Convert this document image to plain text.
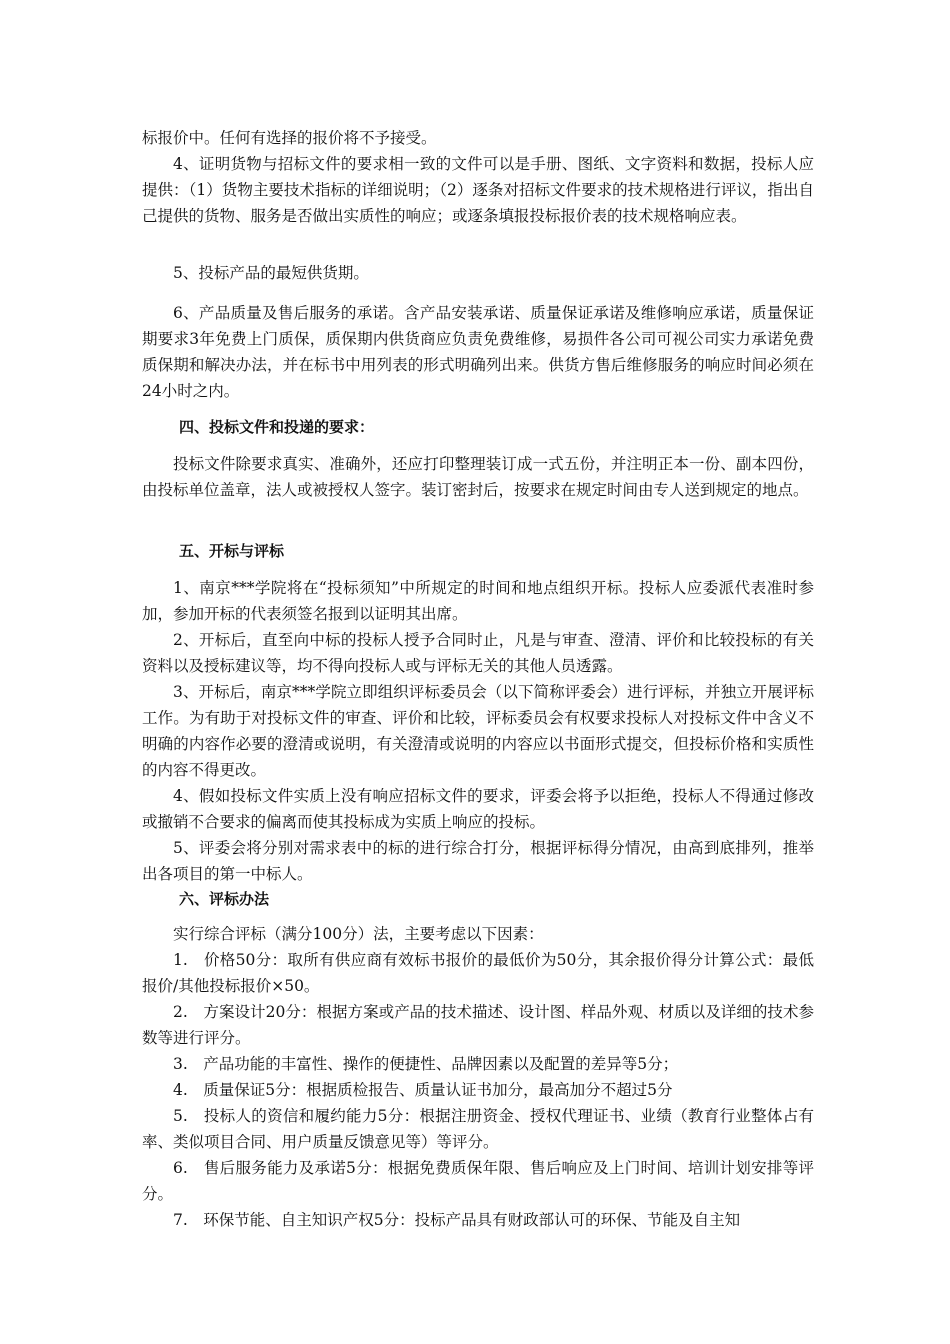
标报价中。任何有选择的报价将不予接受。

4、证明货物与招标文件的要求相一致的文件可以是手册、图纸、文字资料和数据，投标人应提供：（1）货物主要技术指标的详细说明；（2）逐条对招标文件要求的技术规格进行评议，指出自己提供的货物、服务是否做出实质性的响应；或逐条填报投标报价表的技术规格响应表。

5、投标产品的最短供货期。

6、产品质量及售后服务的承诺。含产品安装承诺、质量保证承诺及维修响应承诺，质量保证期要求3年免费上门质保，质保期内供货商应负责免费维修，易损件各公司可视公司实力承诺免费质保期和解决办法，并在标书中用列表的形式明确列出来。供货方售后维修服务的响应时间必须在24小时之内。

四、投标文件和投递的要求：

投标文件除要求真实、准确外，还应打印整理装订成一式五份，并注明正本一份、副本四份，由投标单位盖章，法人或被授权人签字。装订密封后，按要求在规定时间由专人送到规定的地点。

五、开标与评标

1、南京***学院将在“投标须知”中所规定的时间和地点组织开标。投标人应委派代表准时参加，参加开标的代表须签名报到以证明其出席。

2、开标后，直至向中标的投标人授予合同时止，凡是与审查、澄清、评价和比较投标的有关资料以及授标建议等，均不得向投标人或与评标无关的其他人员透露。

3、开标后，南京***学院立即组织评标委员会（以下简称评委会）进行评标，并独立开展评标工作。为有助于对投标文件的审查、评价和比较，评标委员会有权要求投标人对投标文件中含义不明确的内容作必要的澄清或说明，有关澄清或说明的内容应以书面形式提交，但投标价格和实质性的内容不得更改。

4、假如投标文件实质上没有响应招标文件的要求，评委会将予以拒绝，投标人不得通过修改或撤销不合要求的偏离而使其投标成为实质上响应的投标。

5、评委会将分别对需求表中的标的进行综合打分，根据评标得分情况，由高到底排列，推举出各项目的第一中标人。

六、评标办法

实行综合评标（满分100分）法，主要考虑以下因素：

1.　价格50分：取所有供应商有效标书报价的最低价为50分，其余报价得分计算公式：最低报价/其他投标报价×50。

2.　方案设计20分：根据方案或产品的技术描述、设计图、样品外观、材质以及详细的技术参数等进行评分。

3.　产品功能的丰富性、操作的便捷性、品牌因素以及配置的差异等5分；

4.　质量保证5分：根据质检报告、质量认证书加分，最高加分不超过5分

5.　投标人的资信和履约能力5分：根据注册资金、授权代理证书、业绩（教育行业整体占有率、类似项目合同、用户质量反馈意见等）等评分。

6.　售后服务能力及承诺5分：根据免费质保年限、售后响应及上门时间、培训计划安排等评分。

7.　环保节能、自主知识产权5分：投标产品具有财政部认可的环保、节能及自主知
